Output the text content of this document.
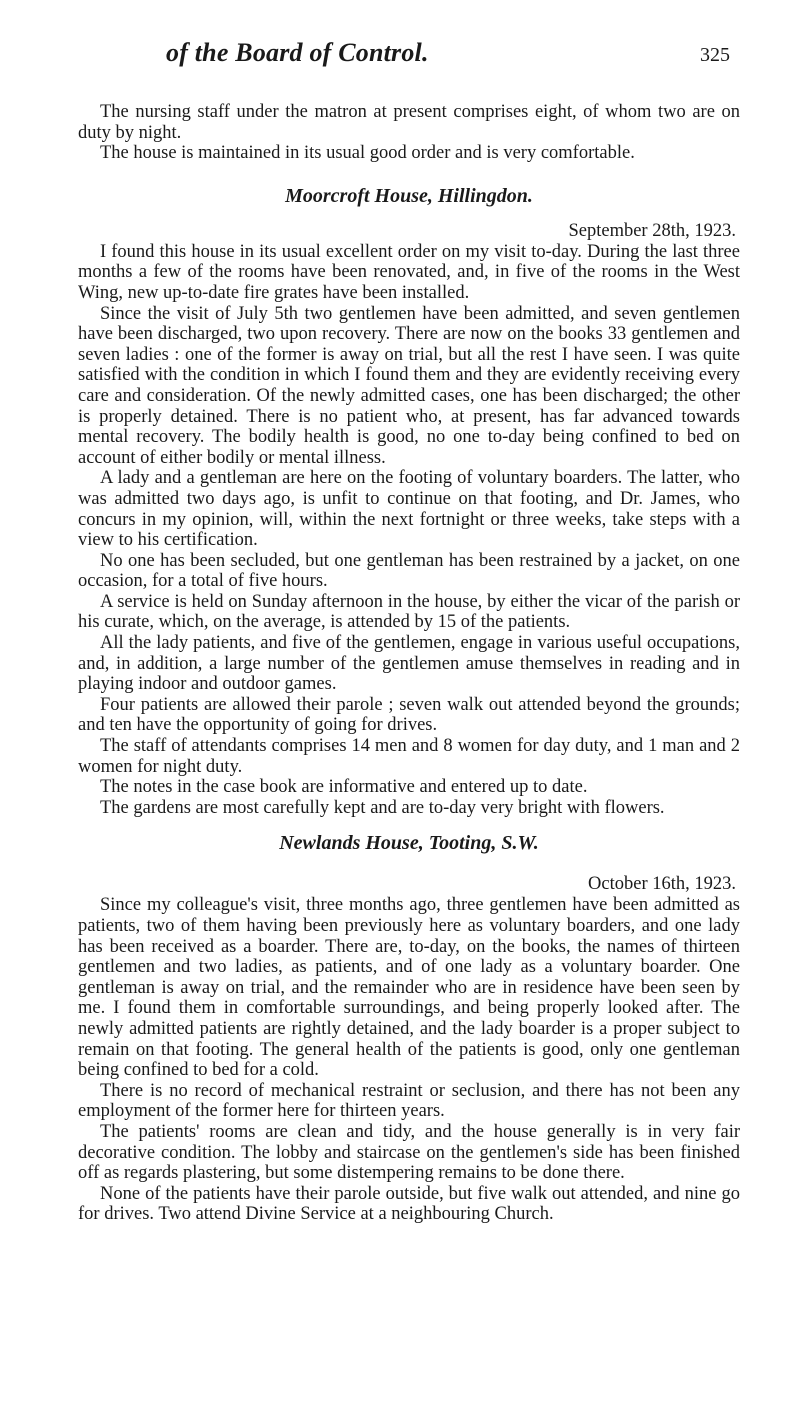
of the Board of Control.	325

The nursing staff under the matron at present comprises eight, of whom two are on duty by night.

The house is maintained in its usual good order and is very comfortable.

Moorcroft House, Hillingdon.
September 28th, 1923.

I found this house in its usual excellent order on my visit to-day. During the last three months a few of the rooms have been renovated, and, in five of the rooms in the West Wing, new up-to-date fire grates have been installed.

Since the visit of July 5th two gentlemen have been admitted, and seven gentlemen have been discharged, two upon recovery. There are now on the books 33 gentlemen and seven ladies : one of the former is away on trial, but all the rest I have seen. I was quite satisfied with the condition in which I found them and they are evidently receiving every care and consideration. Of the newly admitted cases, one has been discharged; the other is properly detained. There is no patient who, at present, has far advanced towards mental recovery. The bodily health is good, no one to-day being confined to bed on account of either bodily or mental illness.

A lady and a gentleman are here on the footing of voluntary boarders. The latter, who was admitted two days ago, is unfit to continue on that footing, and Dr. James, who concurs in my opinion, will, within the next fortnight or three weeks, take steps with a view to his certification.

No one has been secluded, but one gentleman has been restrained by a jacket, on one occasion, for a total of five hours.

A service is held on Sunday afternoon in the house, by either the vicar of the parish or his curate, which, on the average, is attended by 15 of the patients.

All the lady patients, and five of the gentlemen, engage in various useful occupations, and, in addition, a large number of the gentlemen amuse themselves in reading and in playing indoor and outdoor games.

Four patients are allowed their parole ; seven walk out attended beyond the grounds; and ten have the opportunity of going for drives.

The staff of attendants comprises 14 men and 8 women for day duty, and 1 man and 2 women for night duty.

The notes in the case book are informative and entered up to date.

The gardens are most carefully kept and are to-day very bright with flowers.

Newlands House, Tooting, S.W.
October 16th, 1923.

Since my colleague's visit, three months ago, three gentlemen have been admitted as patients, two of them having been previously here as voluntary boarders, and one lady has been received as a boarder. There are, to-day, on the books, the names of thirteen gentlemen and two ladies, as patients, and of one lady as a voluntary boarder. One gentleman is away on trial, and the remainder who are in residence have been seen by me. I found them in comfortable surroundings, and being properly looked after. The newly admitted patients are rightly detained, and the lady boarder is a proper subject to remain on that footing. The general health of the patients is good, only one gentleman being confined to bed for a cold.

There is no record of mechanical restraint or seclusion, and there has not been any employment of the former here for thirteen years.

The patients' rooms are clean and tidy, and the house generally is in very fair decorative condition. The lobby and staircase on the gentlemen's side has been finished off as regards plastering, but some distempering remains to be done there.

None of the patients have their parole outside, but five walk out attended, and nine go for drives. Two attend Divine Service at a neighbouring Church.
